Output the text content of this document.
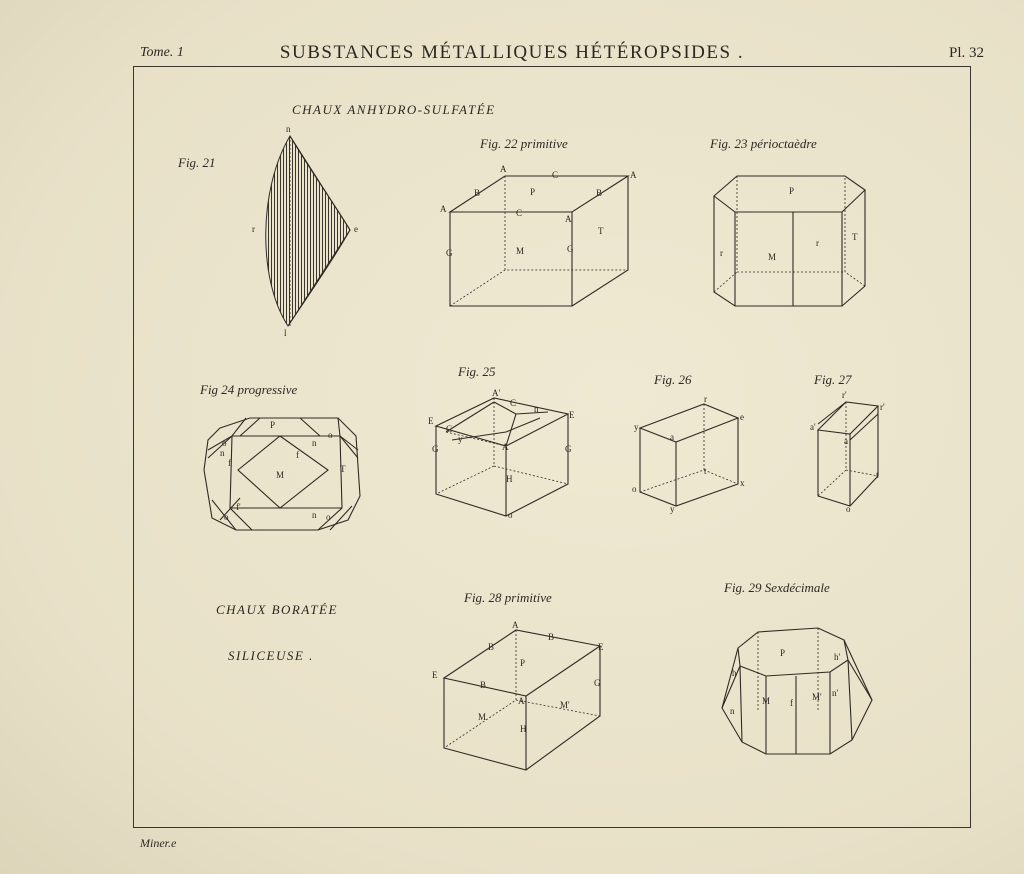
Tome. 1	SUBSTANCES MÉTALLIQUES HÉTÉROPSIDES .	Pl. 32
CHAUX ANHYDRO-SULFATÉE
CHAUX BORATÉE
SILICEUSE .
Fig. 21
Fig. 22 primitive	Fig. 23 périoctaèdre
Fig 24 progressive
Fig. 25
Fig. 26	Fig. 27
Fig. 28 primitive
Fig. 29 Sexdécimale
Miner.e
n
r	e
l
A
A
A
A
C
C
B	B
P
T
M
G	G
P
r	M
r
T
P
M
T
o
n
n
o
f
f
f'
o	n o
A'
C
n
E
E
C
y
A
G	G
H
o
r
e
y
a
t
o
x
y
r'
r'
a'
a
t
o
A
B
B
E
E
P
B
A
G
M'
M
H
P
h
h'
M	M'
f
n
n'
